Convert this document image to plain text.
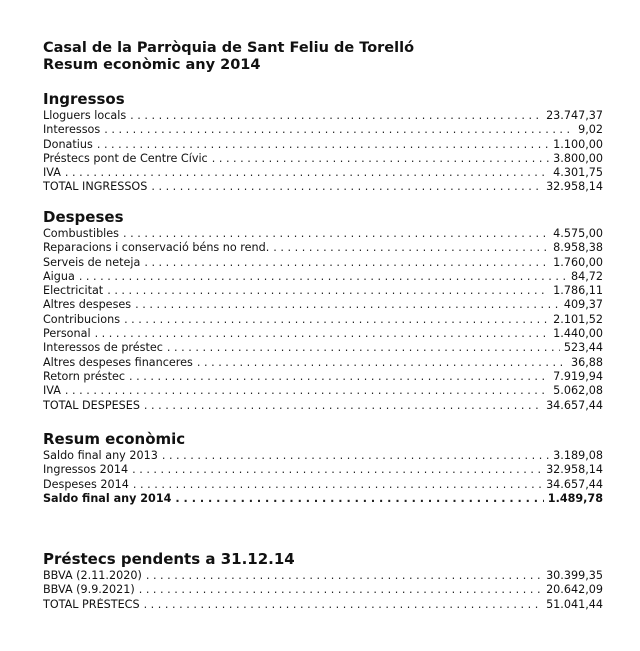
Casal de la Parròquia de Sant Feliu de Torelló

Resum econòmic any 2014

Ingressos

Lloguers locals . . .	23.747,37
Interessos . . .	9,02
Donatius . . .	1.100,00
Préstecs pont de Centre Cívic . . .	3.800,00
IVA . . .	4.301,75
TOTAL INGRESSOS . . .	32.958,14

Despeses

Combustibles . . .	4.575,00
Reparacions i conservació béns no rend. . . .	8.958,38
Serveis de neteja . . .	1.760,00
Aigua . . .	84,72
Electricitat . . .	1.786,11
Altres despeses . . .	409,37
Contribucions . . .	2.101,52
Personal . . .	1.440,00
Interessos de préstec . . .	523,44
Altres despeses financeres . . .	36,88
Retorn préstec . . .	7.919,94
IVA . . .	5.062,08
TOTAL DESPESES . . .	34.657,44

Resum econòmic

Saldo final any 2013 . . .	3.189,08
Ingressos 2014 . . .	32.958,14
Despeses 2014 . . .	34.657,44
Saldo final any 2014 . . .	1.489,78

Préstecs pendents a 31.12.14

BBVA (2.11.2020) . . .	30.399,35
BBVA (9.9.2021) . . .	20.642,09
TOTAL PRÉSTECS . . .	51.041,44
